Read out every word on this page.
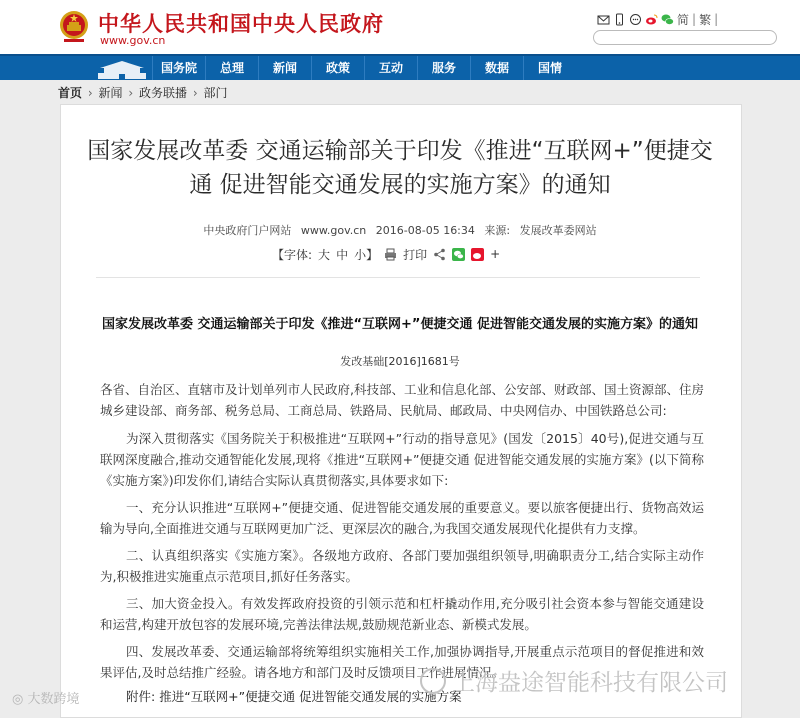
中华人民共和国中央人民政府
www.gov.cn
简 | 繁 |
国务院	总理	新闻	政策	互动	服务	数据	国情
首页 › 新闻 › 政务联播 › 部门
国家发展改革委 交通运输部关于印发《推进“互联网+”便捷交通 促进智能交通发展的实施方案》的通知
中央政府门户网站 www.gov.cn 2016-08-05 16:34 来源: 发展改革委网站
【字体: 大 中 小】 打印	+
国家发展改革委 交通运输部关于印发《推进“互联网+”便捷交通 促进智能交通发展的实施方案》的通知
发改基础[2016]1681号
各省、自治区、直辖市及计划单列市人民政府,科技部、工业和信息化部、公安部、财政部、国土资源部、住房城乡建设部、商务部、税务总局、工商总局、铁路局、民航局、邮政局、中央网信办、中国铁路总公司:
为深入贯彻落实《国务院关于积极推进“互联网+”行动的指导意见》(国发〔2015〕40号),促进交通与互联网深度融合,推动交通智能化发展,现将《推进“互联网+”便捷交通 促进智能交通发展的实施方案》(以下简称《实施方案》)印发你们,请结合实际认真贯彻落实,具体要求如下:
一、充分认识推进“互联网+”便捷交通、促进智能交通发展的重要意义。要以旅客便捷出行、货物高效运输为导向,全面推进交通与互联网更加广泛、更深层次的融合,为我国交通发展现代化提供有力支撑。
二、认真组织落实《实施方案》。各级地方政府、各部门要加强组织领导,明确职责分工,结合实际主动作为,积极推进实施重点示范项目,抓好任务落实。
三、加大资金投入。有效发挥政府投资的引领示范和杠杆撬动作用,充分吸引社会资本参与智能交通建设和运营,构建开放包容的发展环境,完善法律法规,鼓励规范新业态、新模式发展。
四、发展改革委、交通运输部将统筹组织实施相关工作,加强协调指导,开展重点示范项目的督促推进和效果评估,及时总结推广经验。请各地方和部门及时反馈项目工作进展情况。
附件: 推进“互联网+”便捷交通 促进智能交通发展的实施方案
◎ 大数跨境
上海盎途智能科技有限公司
